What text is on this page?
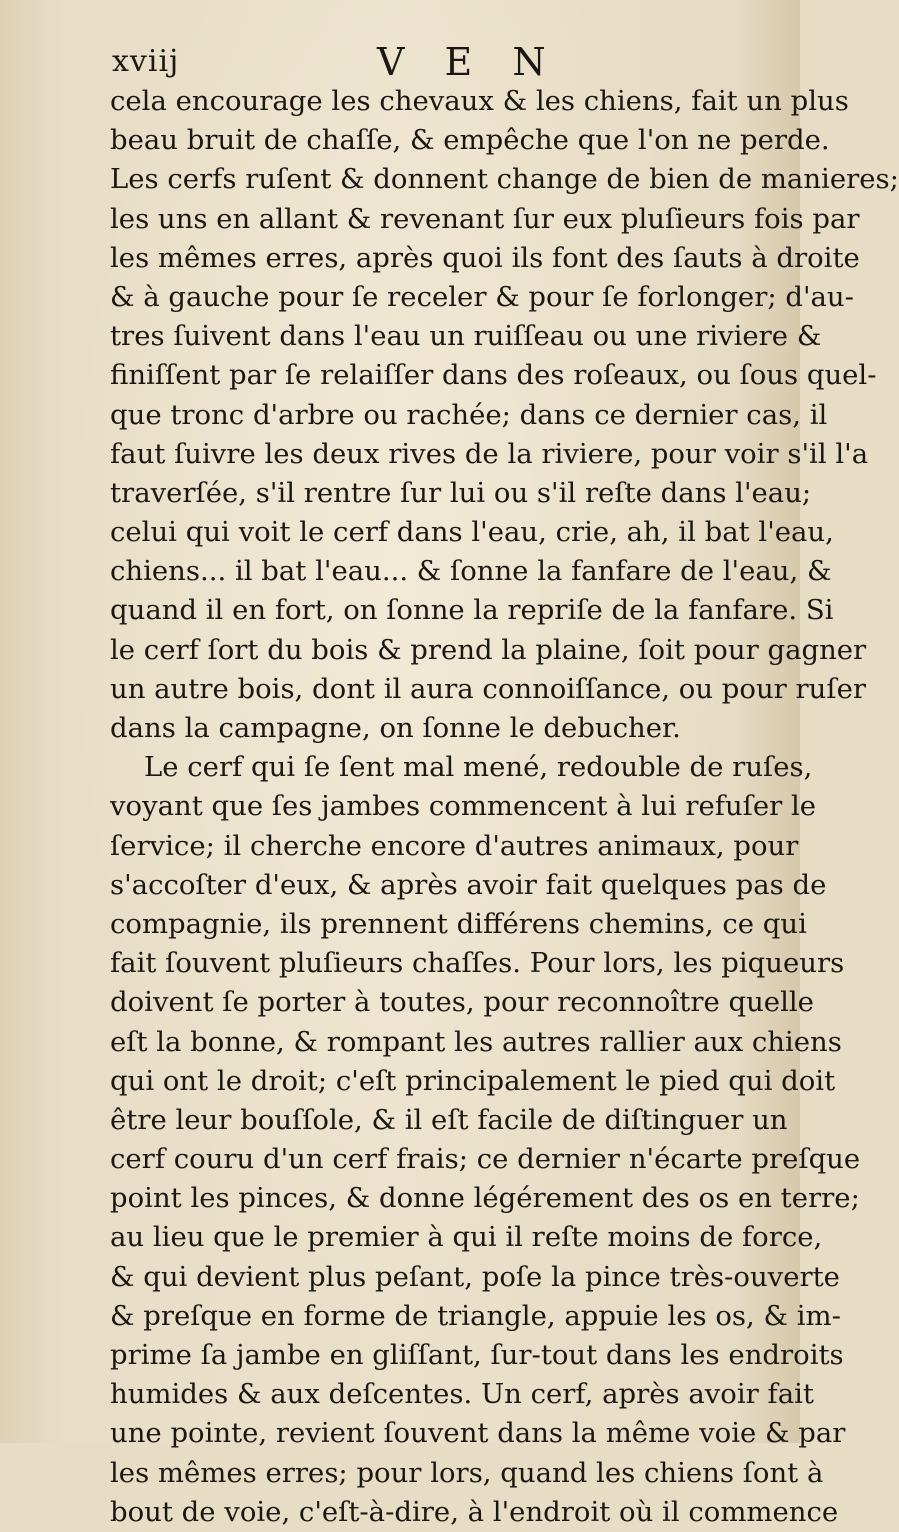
xviij	V E N
cela encourage les chevaux & les chiens, fait un plus
beau bruit de chaſſe, & empêche que l'on ne perde.
Les cerfs ruſent & donnent change de bien de manieres;
les uns en allant & revenant ſur eux pluſieurs fois par
les mêmes erres, après quoi ils font des ſauts à droite
& à gauche pour ſe receler & pour ſe forlonger; d'au-
tres ſuivent dans l'eau un ruiſſeau ou une riviere &
finiſſent par ſe relaiſſer dans des roſeaux, ou ſous quel-
que tronc d'arbre ou rachée; dans ce dernier cas, il
faut ſuivre les deux rives de la riviere, pour voir s'il l'a
traverſée, s'il rentre ſur lui ou s'il reſte dans l'eau;
celui qui voit le cerf dans l'eau, crie, ah, il bat l'eau,
chiens... il bat l'eau... & ſonne la fanfare de l'eau, &
quand il en fort, on ſonne la repriſe de la fanfare. Si
le cerf ſort du bois & prend la plaine, ſoit pour gagner
un autre bois, dont il aura connoiſſance, ou pour ruſer
dans la campagne, on ſonne le debucher.
Le cerf qui ſe ſent mal mené, redouble de ruſes,
voyant que ſes jambes commencent à lui refuſer le
ſervice; il cherche encore d'autres animaux, pour
s'accoſter d'eux, & après avoir fait quelques pas de
compagnie, ils prennent différens chemins, ce qui
fait ſouvent pluſieurs chaſſes. Pour lors, les piqueurs
doivent ſe porter à toutes, pour reconnoître quelle
eſt la bonne, & rompant les autres rallier aux chiens
qui ont le droit; c'eſt principalement le pied qui doit
être leur bouſſole, & il eſt facile de diſtinguer un
cerf couru d'un cerf frais; ce dernier n'écarte preſque
point les pinces, & donne légérement des os en terre;
au lieu que le premier à qui il reſte moins de force,
& qui devient plus peſant, poſe la pince très-ouverte
& preſque en forme de triangle, appuie les os, & im-
prime ſa jambe en gliſſant, ſur-tout dans les endroits
humides & aux deſcentes. Un cerf, après avoir fait
une pointe, revient ſouvent dans la même voie & par
les mêmes erres; pour lors, quand les chiens ſont à
bout de voie, c'eſt-à-dire, à l'endroit où il commence
